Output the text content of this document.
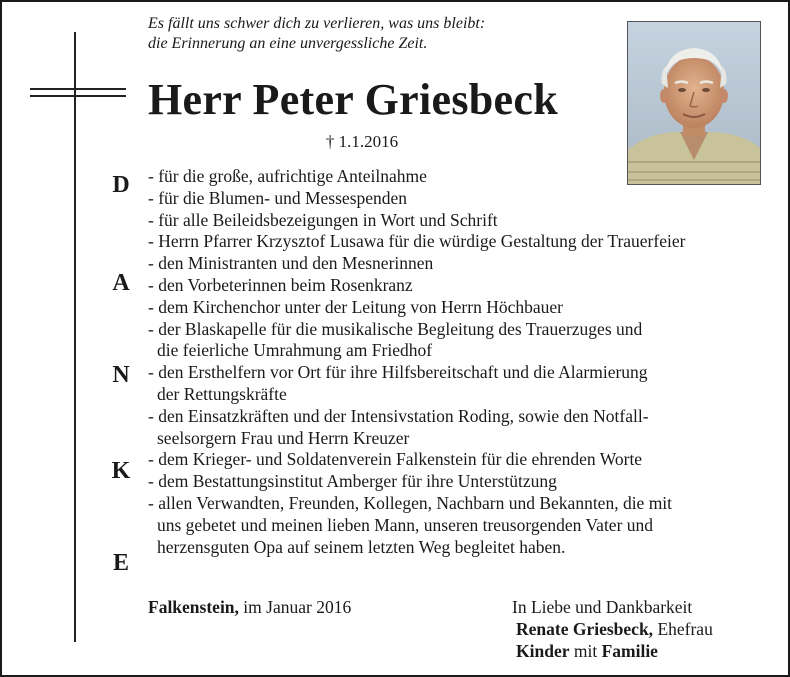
Es fällt uns schwer dich zu verlieren, was uns bleibt:
die Erinnerung an eine unvergessliche Zeit.
Herr Peter Griesbeck
† 1.1.2016
D
A
N
K
E
- für die große, aufrichtige Anteilnahme
- für die Blumen- und Messespenden
- für alle Beileidsbezeigungen in Wort und Schrift
- Herrn Pfarrer Krzysztof Lusawa für die würdige Gestaltung der Trauerfeier
- den Ministranten und den Mesnerinnen
- den Vorbeterinnen beim Rosenkranz
- dem Kirchenchor unter der Leitung von Herrn Höchbauer
- der Blaskapelle für die musikalische Begleitung des Trauerzuges und
die feierliche Umrahmung am Friedhof
- den Ersthelfern vor Ort für ihre Hilfsbereitschaft und die Alarmierung
der Rettungskräfte
- den Einsatzkräften und der Intensivstation Roding, sowie den Notfall-
seelsorgern Frau und Herrn Kreuzer
- dem Krieger- und Soldatenverein Falkenstein für die ehrenden Worte
- dem Bestattungsinstitut Amberger für ihre Unterstützung
- allen Verwandten, Freunden, Kollegen, Nachbarn und Bekannten, die mit
uns gebetet und meinen lieben Mann, unseren treusorgenden Vater und
herzensguten Opa auf seinem letzten Weg begleitet haben.
Falkenstein, im Januar 2016	In Liebe und Dankbarkeit
Renate Griesbeck, Ehefrau
Kinder mit Familie
